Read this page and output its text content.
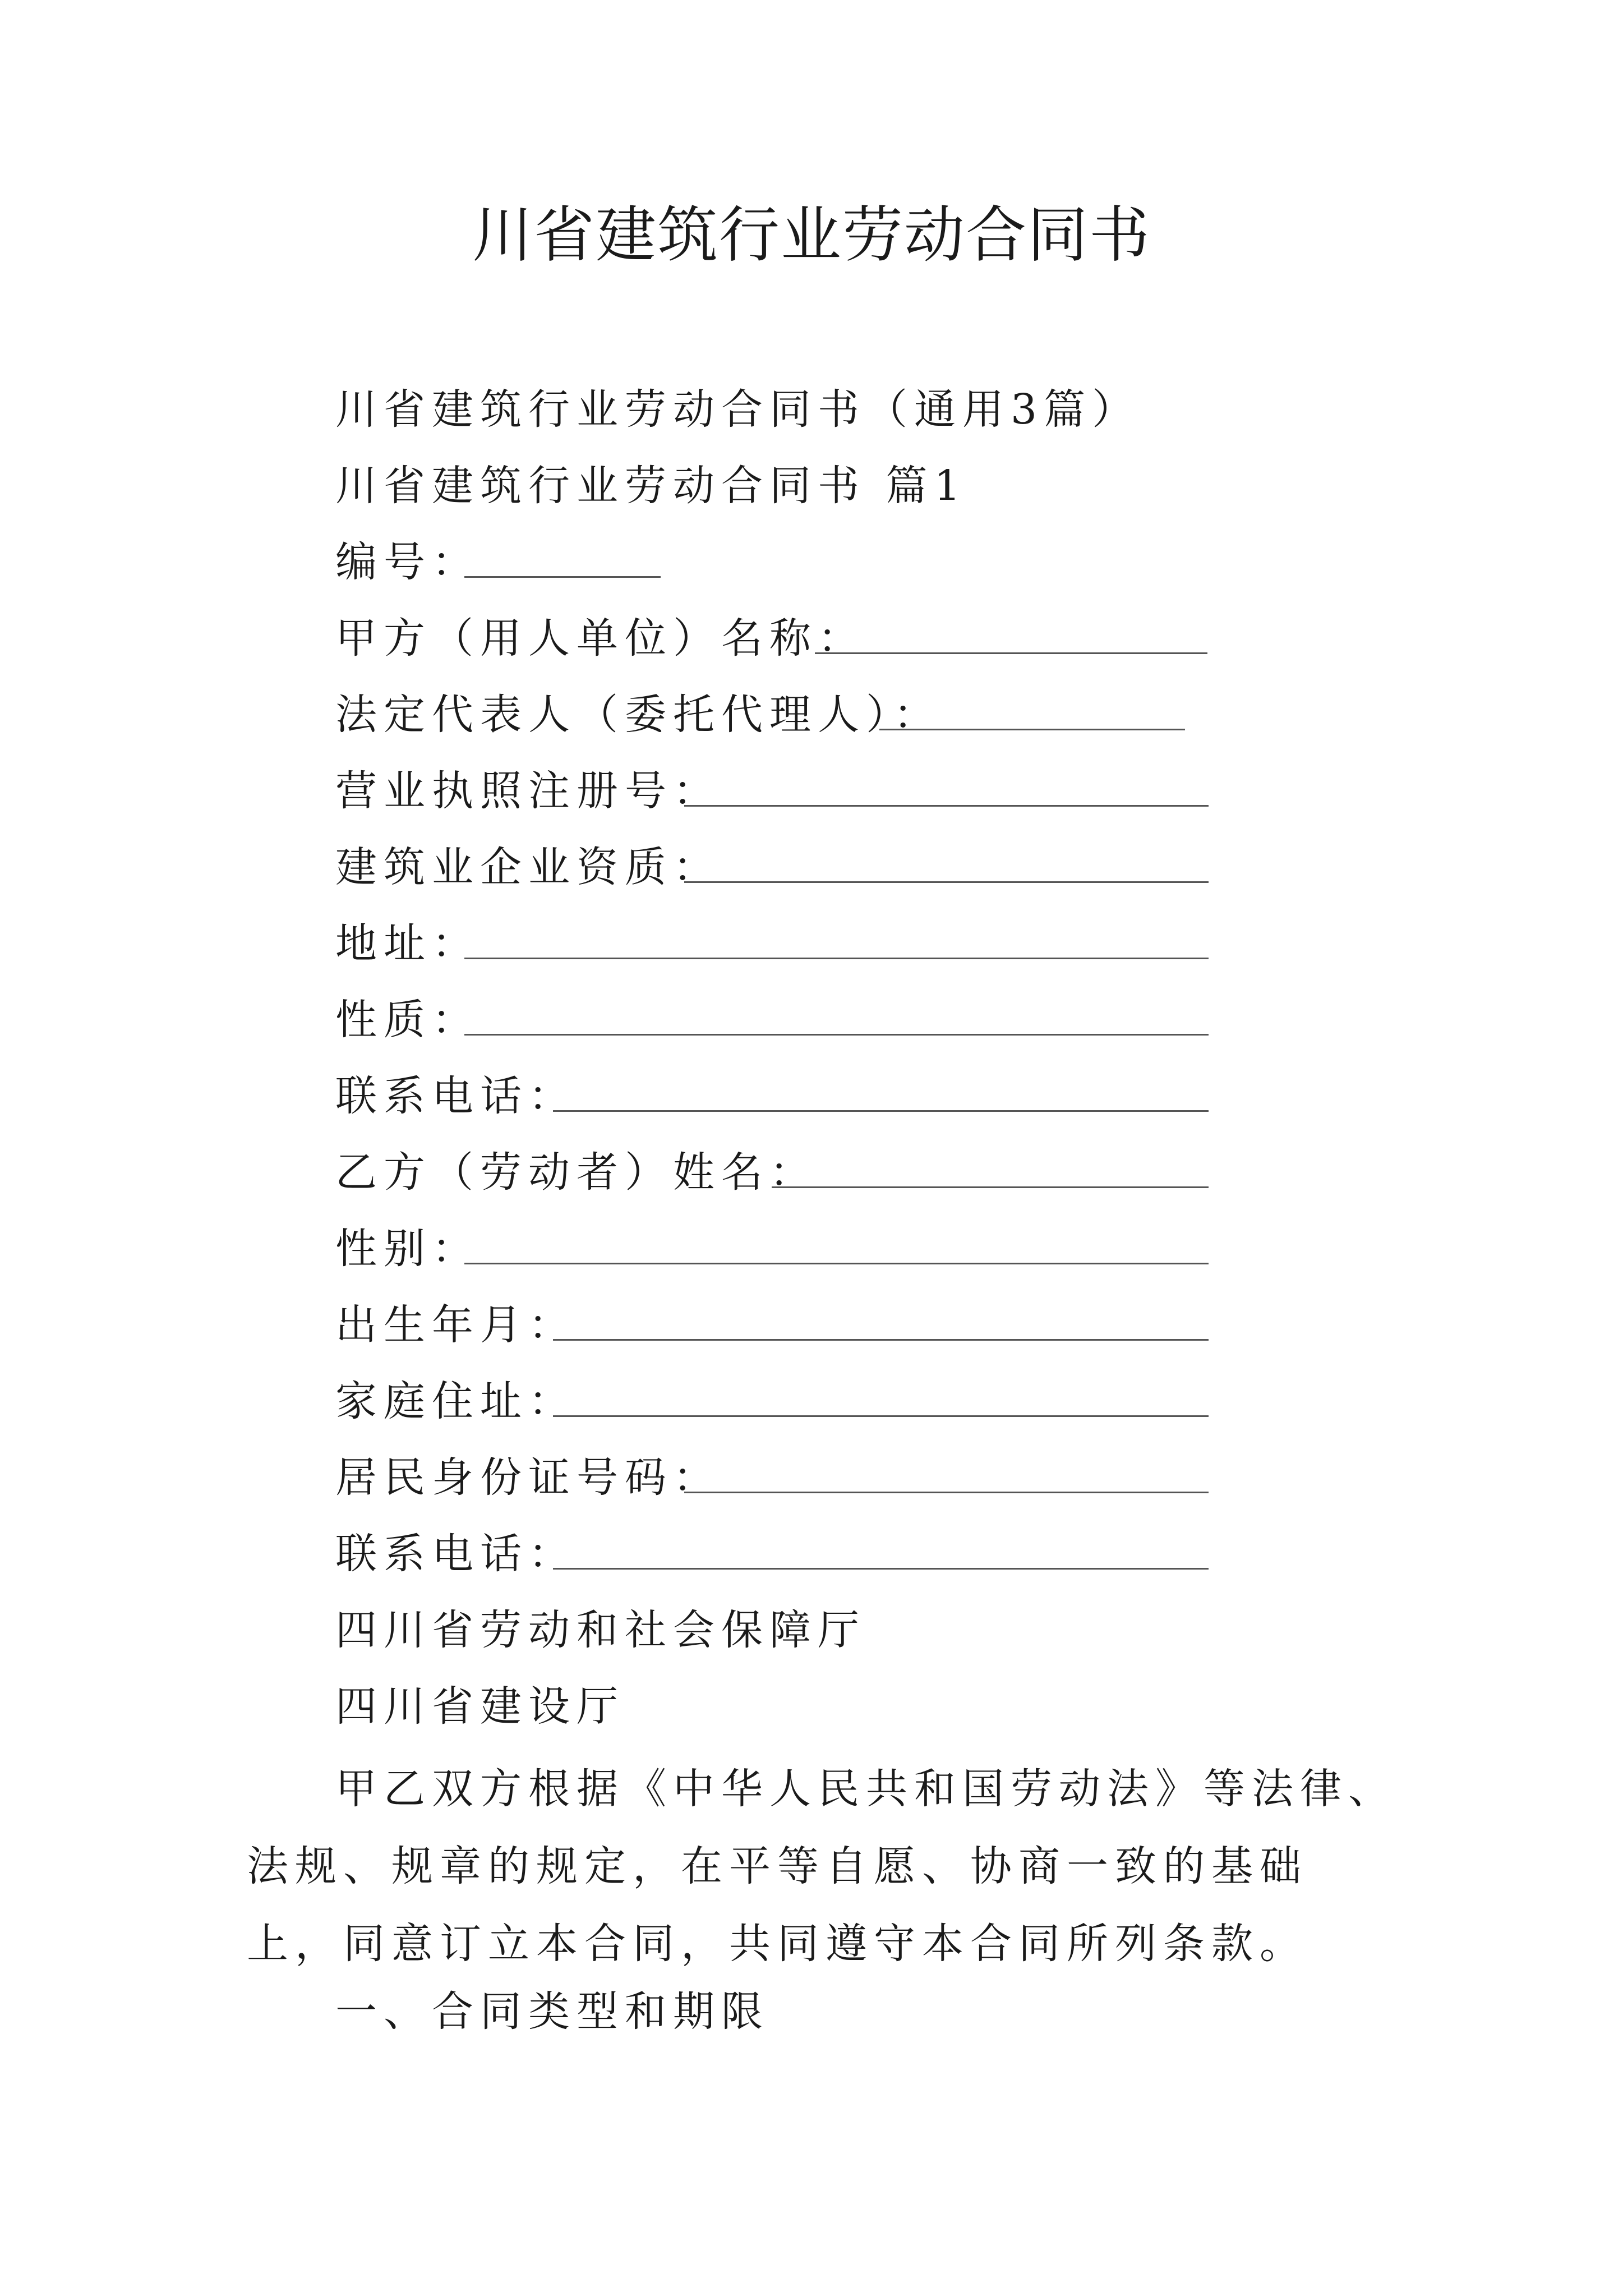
川省建筑行业劳动合同书
川省建筑行业劳动合同书（通用3篇）
川省建筑行业劳动合同书 篇1
编号：
甲方（用人单位）名称：
法定代表人（委托代理人）：
营业执照注册号：
建筑业企业资质：
地址：
性质：
联系电话：
乙方（劳动者）姓名：
性别：
出生年月：
家庭住址：
居民身份证号码：
联系电话：
四川省劳动和社会保障厅
四川省建设厅
甲乙双方根据《中华人民共和国劳动法》等法律、法规、规章的规定，在平等自愿、协商一致的基础上，同意订立本合同，共同遵守本合同所列条款。
一、合同类型和期限
